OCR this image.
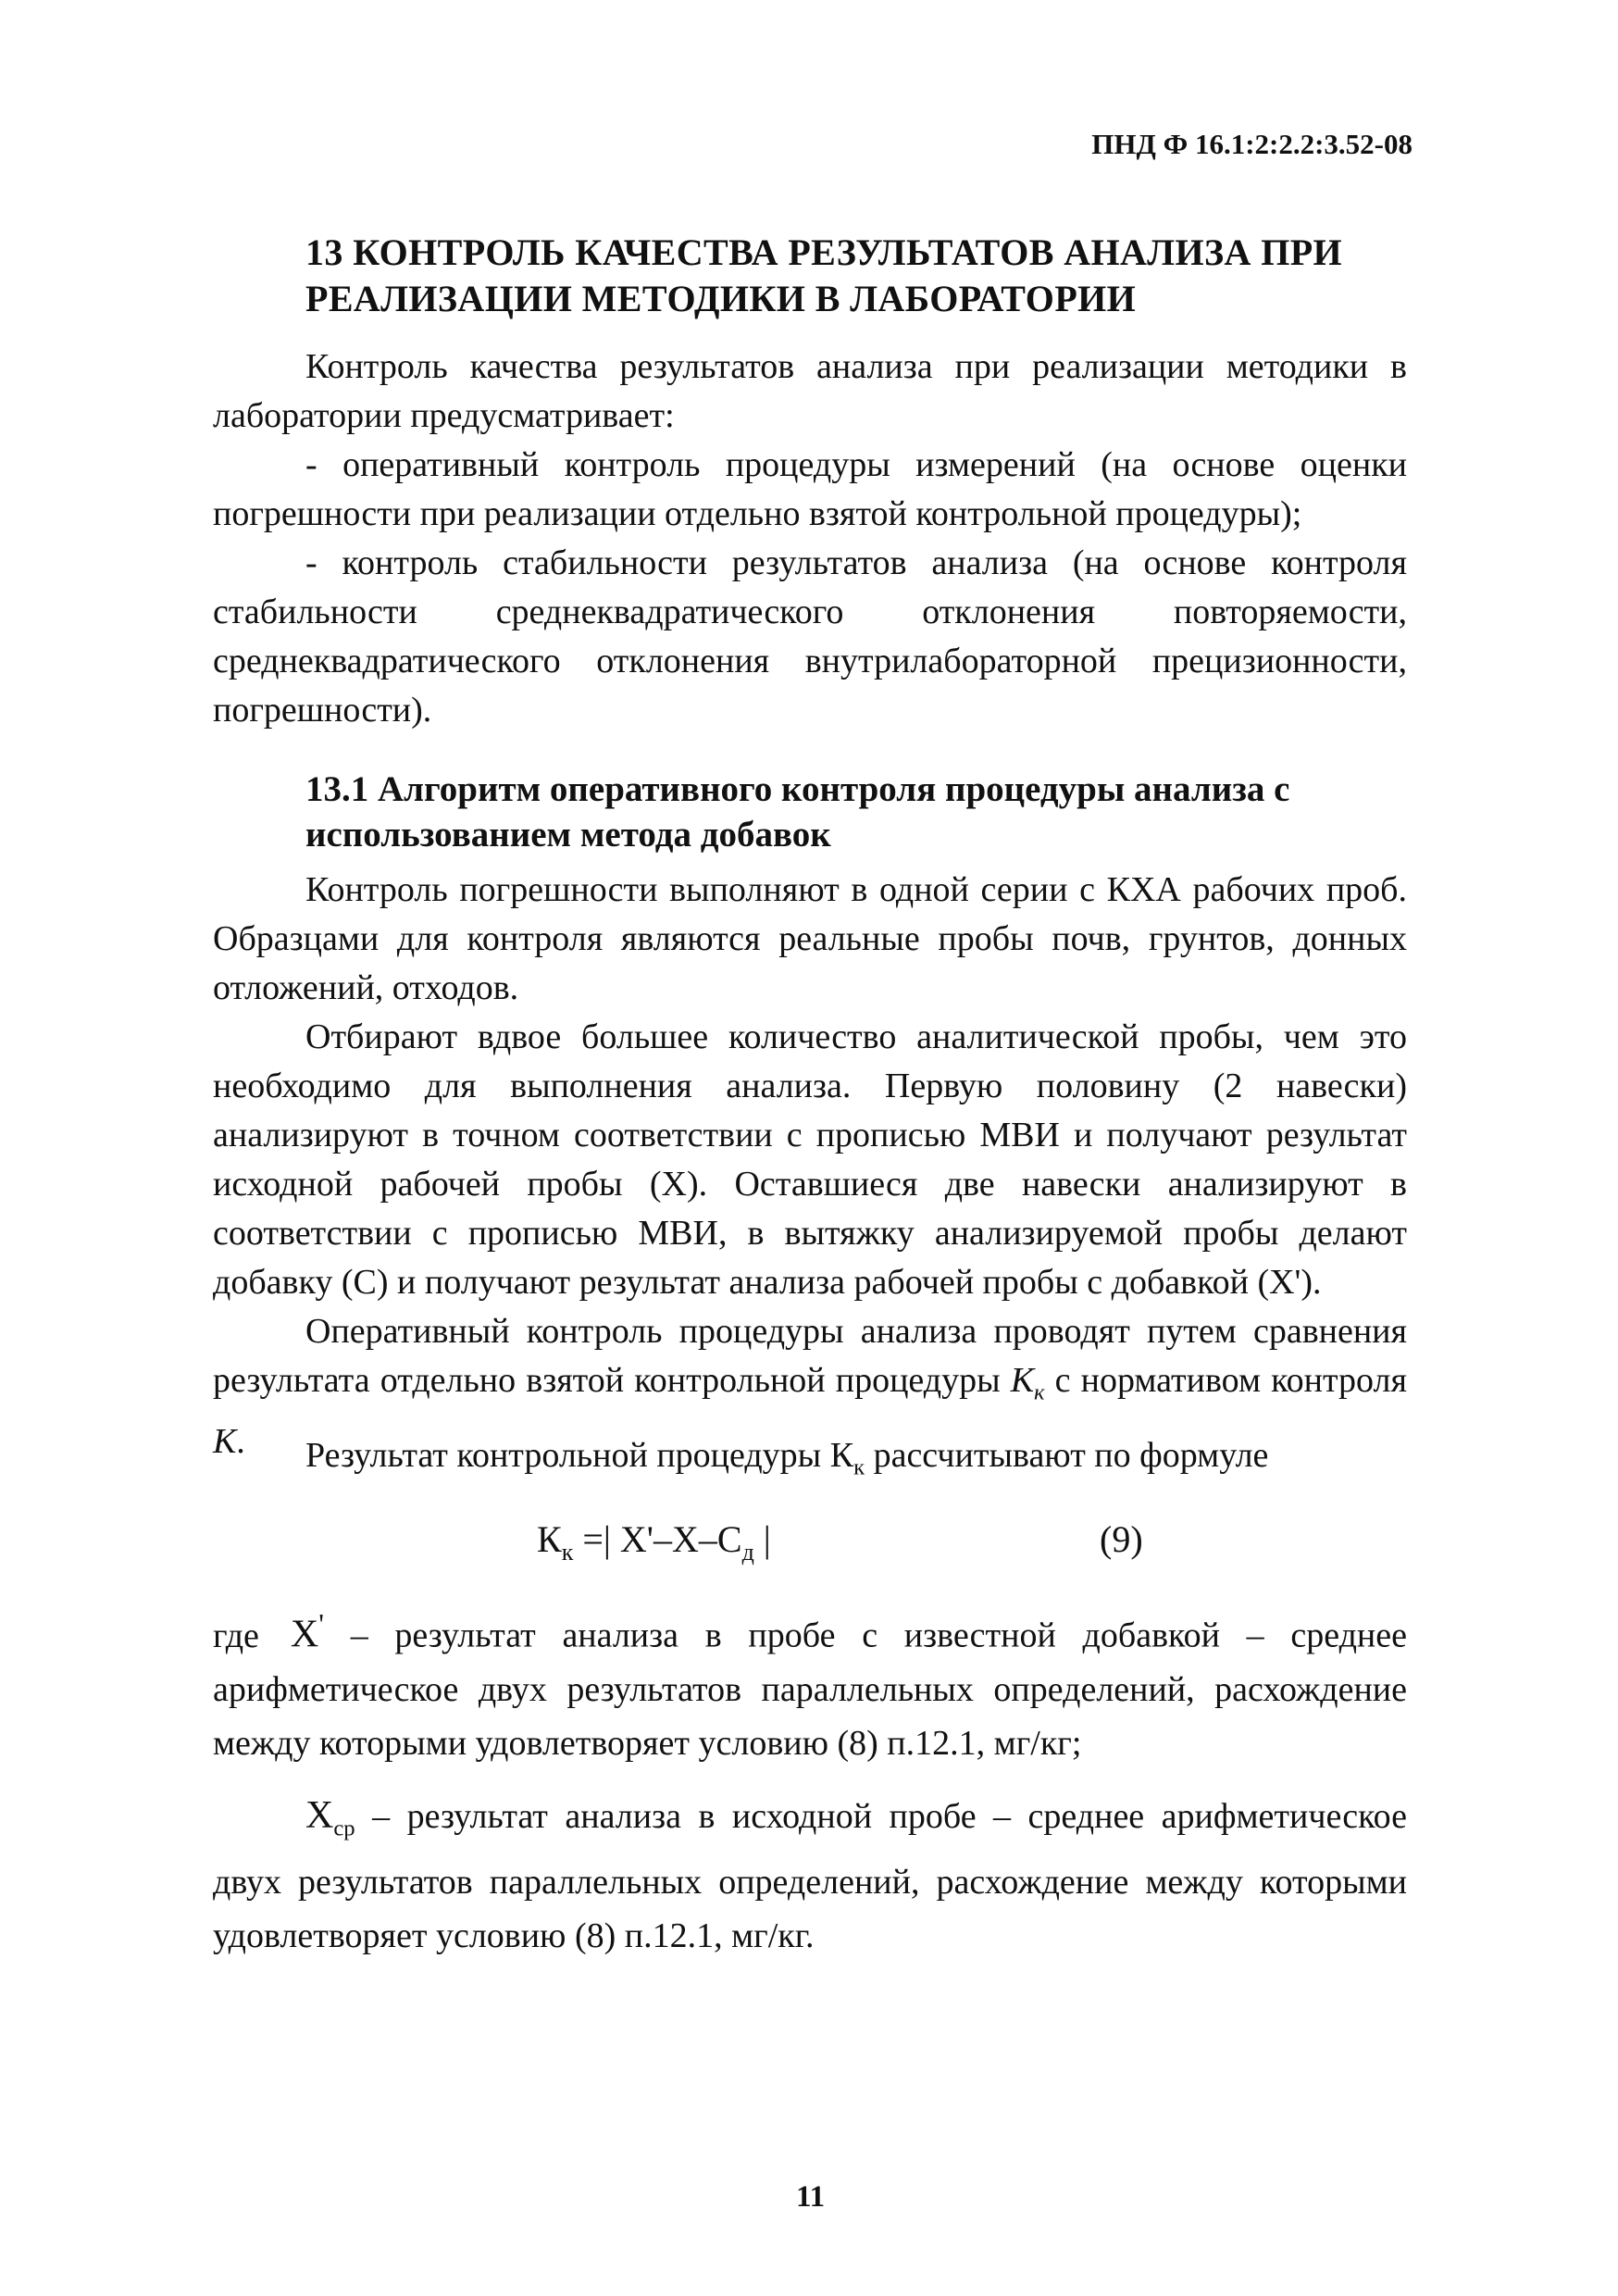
ПНД Ф 16.1:2:2.2:3.52-08
13 КОНТРОЛЬ КАЧЕСТВА РЕЗУЛЬТАТОВ АНАЛИЗА ПРИ РЕАЛИЗАЦИИ МЕТОДИКИ В ЛАБОРАТОРИИ

Контроль качества результатов анализа при реализации методики в лаборатории предусматривает:

- оперативный контроль процедуры измерений (на основе оценки погрешности при реализации отдельно взятой контрольной процедуры);

- контроль стабильности результатов анализа (на основе контроля стабильности среднеквадратического отклонения повторяемости, среднеквадратического отклонения внутрилабораторной прецизионности, погрешности).

13.1 Алгоритм оперативного контроля процедуры анализа с использованием метода добавок

Контроль погрешности выполняют в одной серии с КХА рабочих проб. Образцами для контроля являются реальные пробы почв, грунтов, донных отложений, отходов.

Отбирают вдвое большее количество аналитической пробы, чем это необходимо для выполнения анализа. Первую половину (2 навески) анализируют в точном соответствии с прописью МВИ и получают результат исходной рабочей пробы (X). Оставшиеся две навески анализируют в соответствии с прописью МВИ, в вытяжку анализируемой пробы делают добавку (С) и получают результат анализа рабочей пробы с добавкой (X').

Оперативный контроль процедуры анализа проводят путем сравнения результата отдельно взятой контрольной процедуры $К_к$ с нормативом контроля К.	Результат контрольной процедуры $К_к$ рассчитывают по формуле
$К_к$ =| $X'-X-C_д$ |	(9)

где X' – результат анализа в пробе с известной добавкой – среднее арифметическое двух результатов параллельных определений, расхождение между которыми удовлетворяет условию (8) п.12.1, мг/кг;

$X_{ср}$ – результат анализа в исходной пробе – среднее арифметическое двух результатов параллельных определений, расхождение между которыми удовлетворяет условию (8) п.12.1, мг/кг.

11
